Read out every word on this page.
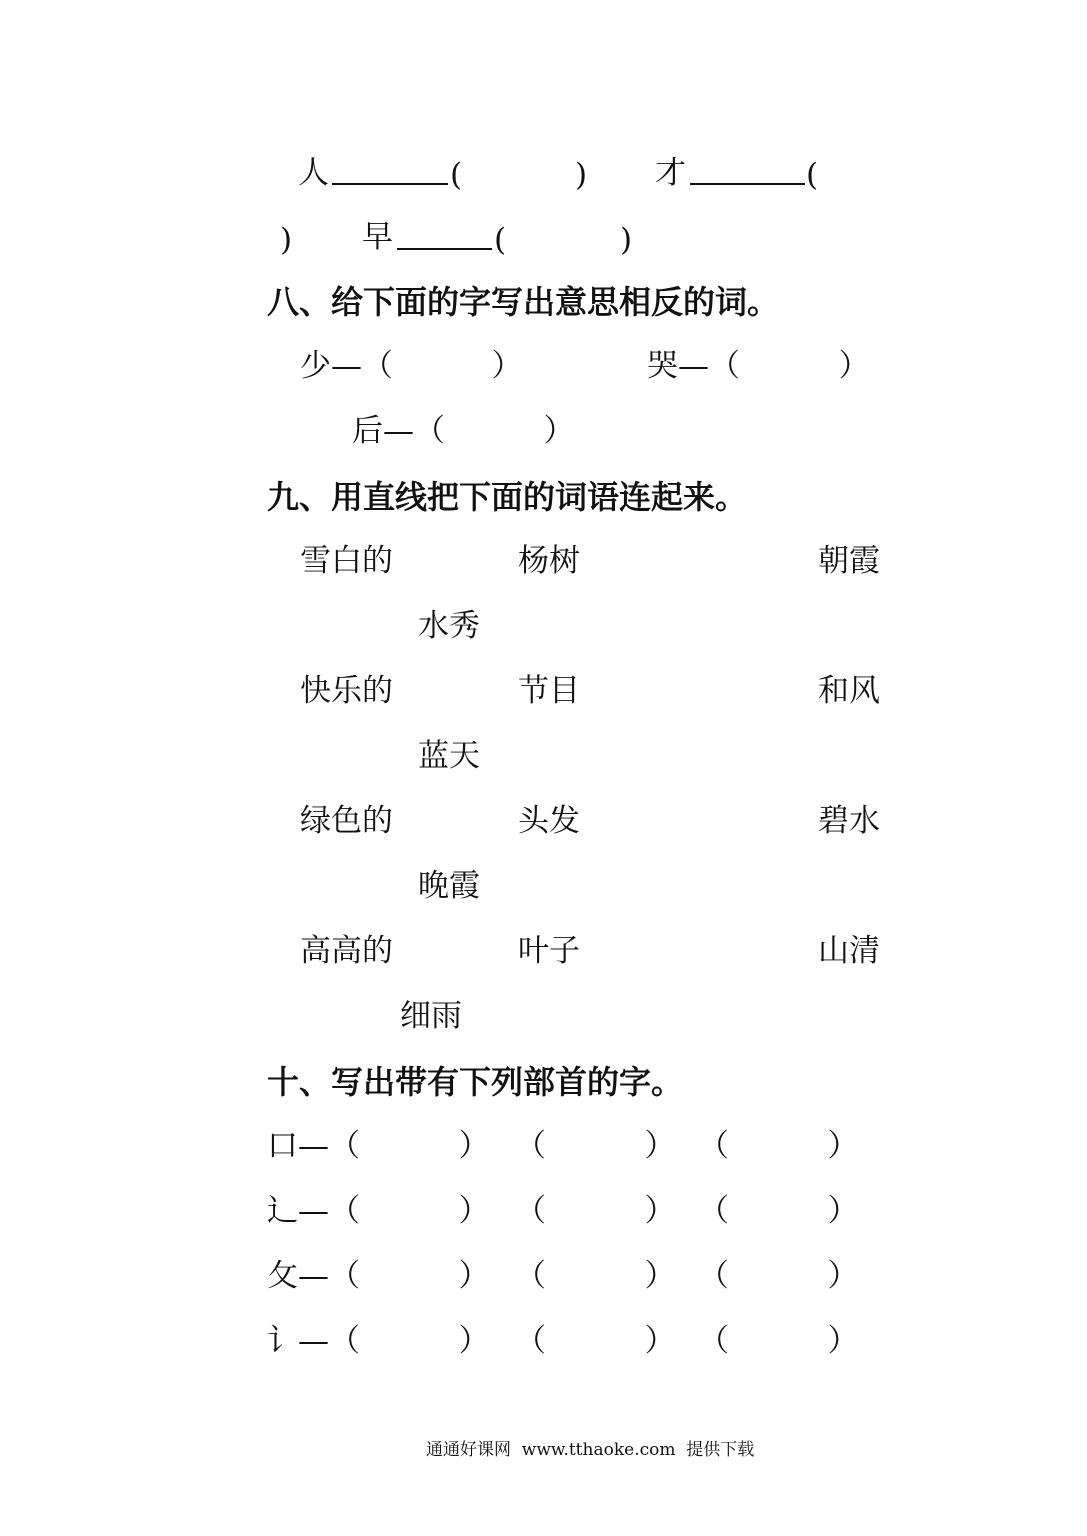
人	(	) 才	(
) 早	(	)
八、给下面的字写出意思相反的词。
少—（          ）	哭—（          ）
后—（          ）
九、用直线把下面的词语连起来。
雪白的	杨树	朝霞
水秀
快乐的	节目	和风
蓝天
绿色的	头发	碧水
晚霞
高高的	叶子	山清
细雨
十、写出带有下列部首的字。
口— （          ） （          ） （          ）
辶— （          ） （          ） （          ）
攵— （          ） （          ） （          ）
讠— （          ） （          ） （          ）
通通好课网  www.tthaoke.com  提供下载
